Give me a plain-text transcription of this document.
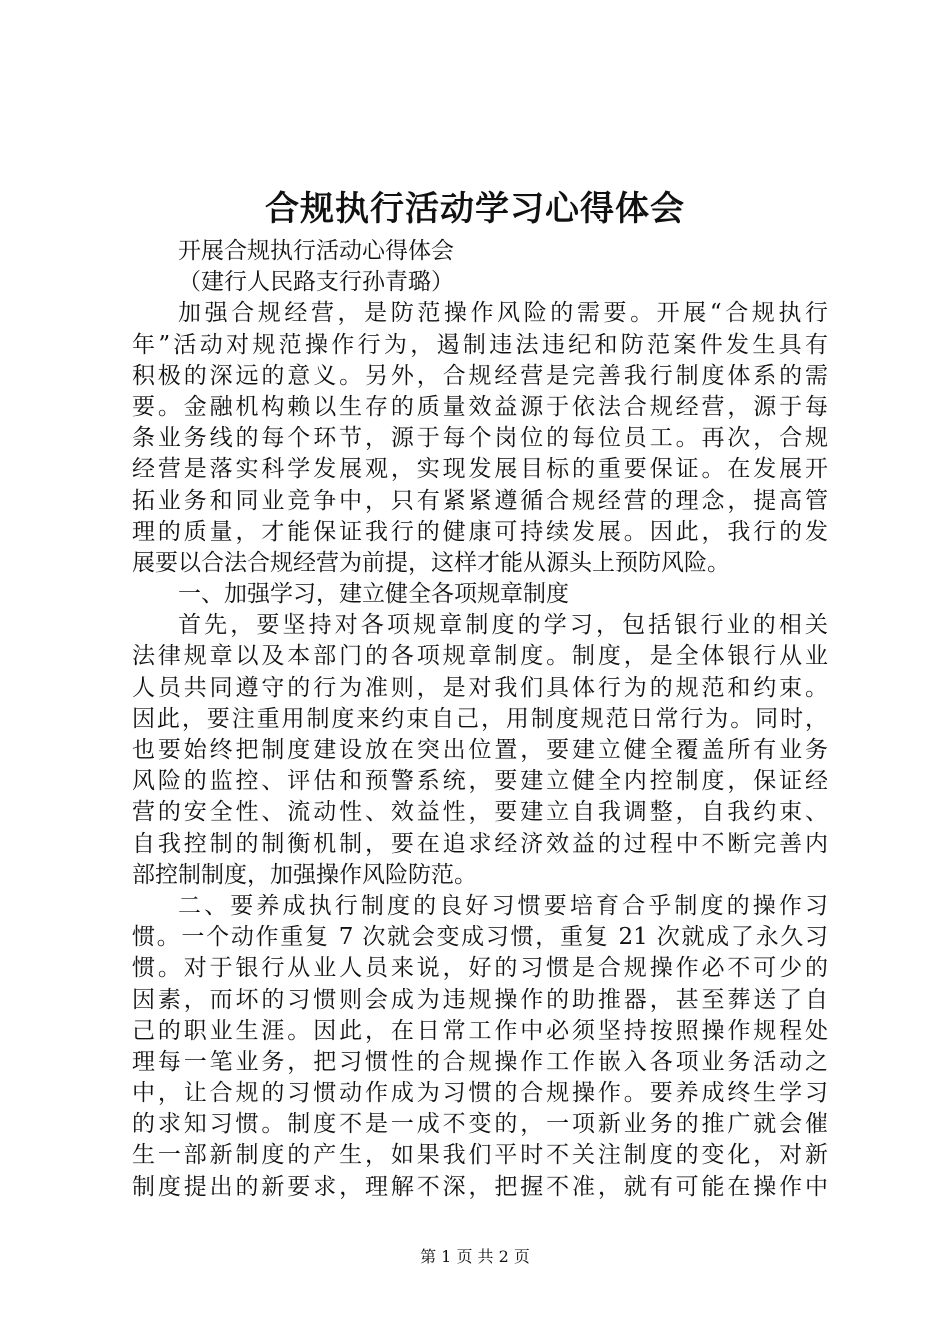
合规执行活动学习心得体会
开展合规执行活动心得体会
（建行人民路支行孙青璐）
加强合规经营，是防范操作风险的需要。开展“合规执行
年”活动对规范操作行为，遏制违法违纪和防范案件发生具有
积极的深远的意义。另外，合规经营是完善我行制度体系的需
要。金融机构赖以生存的质量效益源于依法合规经营，源于每
条业务线的每个环节，源于每个岗位的每位员工。再次，合规
经营是落实科学发展观，实现发展目标的重要保证。在发展开
拓业务和同业竞争中，只有紧紧遵循合规经营的理念，提高管
理的质量，才能保证我行的健康可持续发展。因此，我行的发
展要以合法合规经营为前提，这样才能从源头上预防风险。
一、加强学习，建立健全各项规章制度
首先，要坚持对各项规章制度的学习，包括银行业的相关
法律规章以及本部门的各项规章制度。制度，是全体银行从业
人员共同遵守的行为准则，是对我们具体行为的规范和约束。
因此，要注重用制度来约束自己，用制度规范日常行为。同时，
也要始终把制度建设放在突出位置，要建立健全覆盖所有业务
风险的监控、评估和预警系统，要建立健全内控制度，保证经
营的安全性、流动性、效益性，要建立自我调整，自我约束、
自我控制的制衡机制，要在追求经济效益的过程中不断完善内
部控制制度，加强操作风险防范。
二、要养成执行制度的良好习惯要培育合乎制度的操作习
惯。一个动作重复 7 次就会变成习惯，重复 21 次就成了永久习
惯。对于银行从业人员来说，好的习惯是合规操作必不可少的
因素，而坏的习惯则会成为违规操作的助推器，甚至葬送了自
己的职业生涯。因此，在日常工作中必须坚持按照操作规程处
理每一笔业务，把习惯性的合规操作工作嵌入各项业务活动之
中，让合规的习惯动作成为习惯的合规操作。要养成终生学习
的求知习惯。制度不是一成不变的，一项新业务的推广就会催
生一部新制度的产生，如果我们平时不关注制度的变化，对新
制度提出的新要求，理解不深，把握不准，就有可能在操作中
第 1 页 共 2 页
